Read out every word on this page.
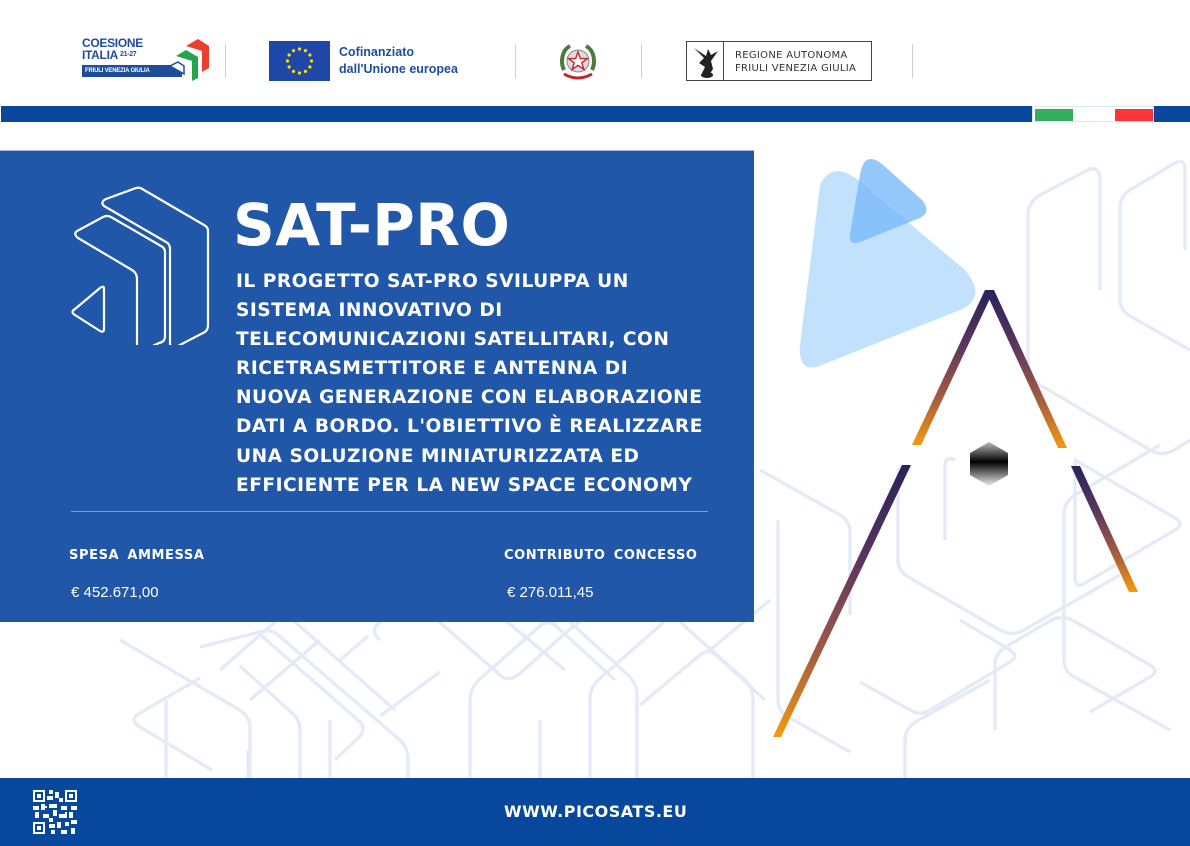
COESIONE
ITALIA $^{21-27}$
FRIULI VENEZIA GIULIA
Cofinanziato
dall'Unione europea
REGIONE AUTONOMA
FRIULI VENEZIA GIULIA
SAT-PRO
IL PROGETTO SAT-PRO SVILUPPA UN
SISTEMA INNOVATIVO DI
TELECOMUNICAZIONI SATELLITARI, CON
RICETRASMETTITORE E ANTENNA DI
NUOVA GENERAZIONE CON ELABORAZIONE
DATI A BORDO. L'OBIETTIVO È REALIZZARE
UNA SOLUZIONE MINIATURIZZATA ED
EFFICIENTE PER LA NEW SPACE ECONOMY
SPESA AMMESSA	CONTRIBUTO CONCESSO
€ 452.671,00	€ 276.011,45
WWW.PICOSATS.EU
